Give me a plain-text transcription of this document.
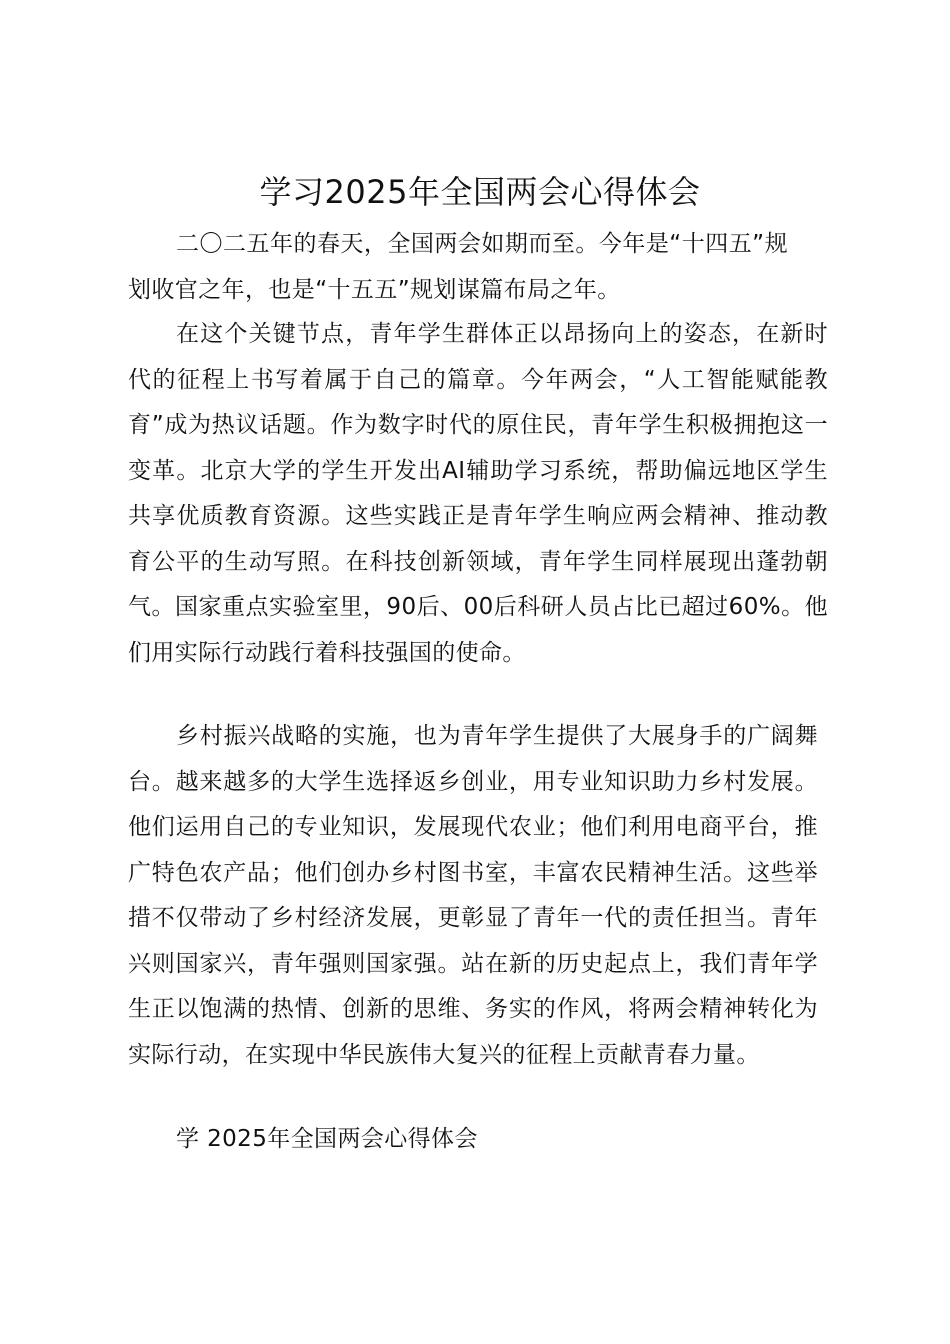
学习2025年全国两会心得体会

二〇二五年的春天，全国两会如期而至。今年是“十四五”规划收官之年，也是“十五五”规划谋篇布局之年。

在这个关键节点，青年学生群体正以昂扬向上的姿态，在新时代的征程上书写着属于自己的篇章。今年两会，“人工智能赋能教育”成为热议话题。作为数字时代的原住民，青年学生积极拥抱这一变革。北京大学的学生开发出AI辅助学习系统，帮助偏远地区学生共享优质教育资源。这些实践正是青年学生响应两会精神、推动教育公平的生动写照。在科技创新领域，青年学生同样展现出蓬勃朝气。国家重点实验室里，90后、00后科研人员占比已超过60%。他们用实际行动践行着科技强国的使命。

乡村振兴战略的实施，也为青年学生提供了大展身手的广阔舞台。越来越多的大学生选择返乡创业，用专业知识助力乡村发展。他们运用自己的专业知识，发展现代农业；他们利用电商平台，推广特色农产品；他们创办乡村图书室，丰富农民精神生活。这些举措不仅带动了乡村经济发展，更彰显了青年一代的责任担当。青年兴则国家兴，青年强则国家强。站在新的历史起点上，我们青年学生正以饱满的热情、创新的思维、务实的作风，将两会精神转化为实际行动，在实现中华民族伟大复兴的征程上贡献青春力量。

学 2025年全国两会心得体会
